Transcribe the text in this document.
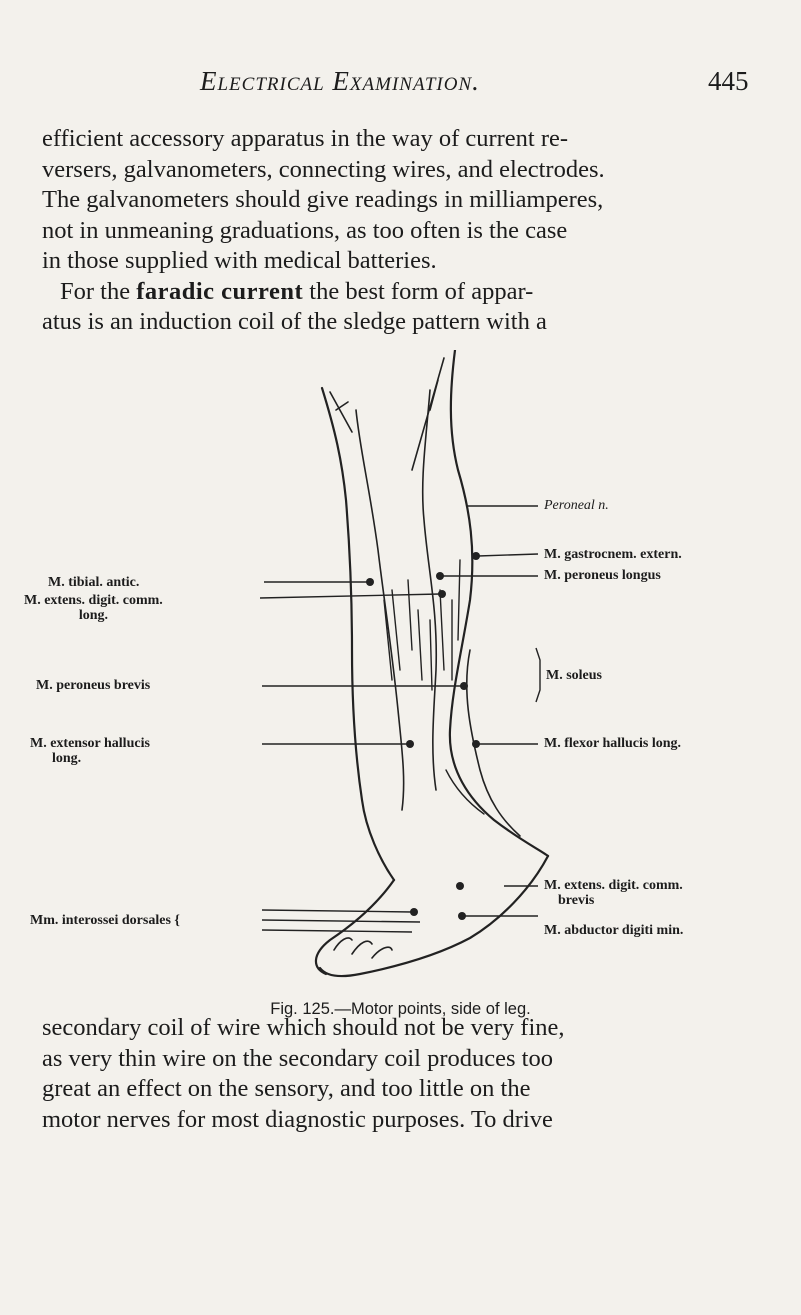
Electrical Examination.	445
efficient accessory apparatus in the way of current re-
versers, galvanometers, connecting wires, and electrodes.
The galvanometers should give readings in milliamperes,
not in unmeaning graduations, as too often is the case
in those supplied with medical batteries.
For the faradic current the best form of appar-
atus is an induction coil of the sledge pattern with a
M. tibial. antic.
M. extens. digit. comm.
long.
M. peroneus brevis
M. extensor hallucis
long.
Mm. interossei dorsales {
Peroneal n.
M. gastrocnem. extern.
M. peroneus longus
M. soleus
M. flexor hallucis long.
M. extens. digit. comm.
brevis
M. abductor digiti min.
Fig. 125.—Motor points, side of leg.
secondary coil of wire which should not be very fine,
as very thin wire on the secondary coil produces too
great an effect on the sensory, and too little on the
motor nerves for most diagnostic purposes. To drive
